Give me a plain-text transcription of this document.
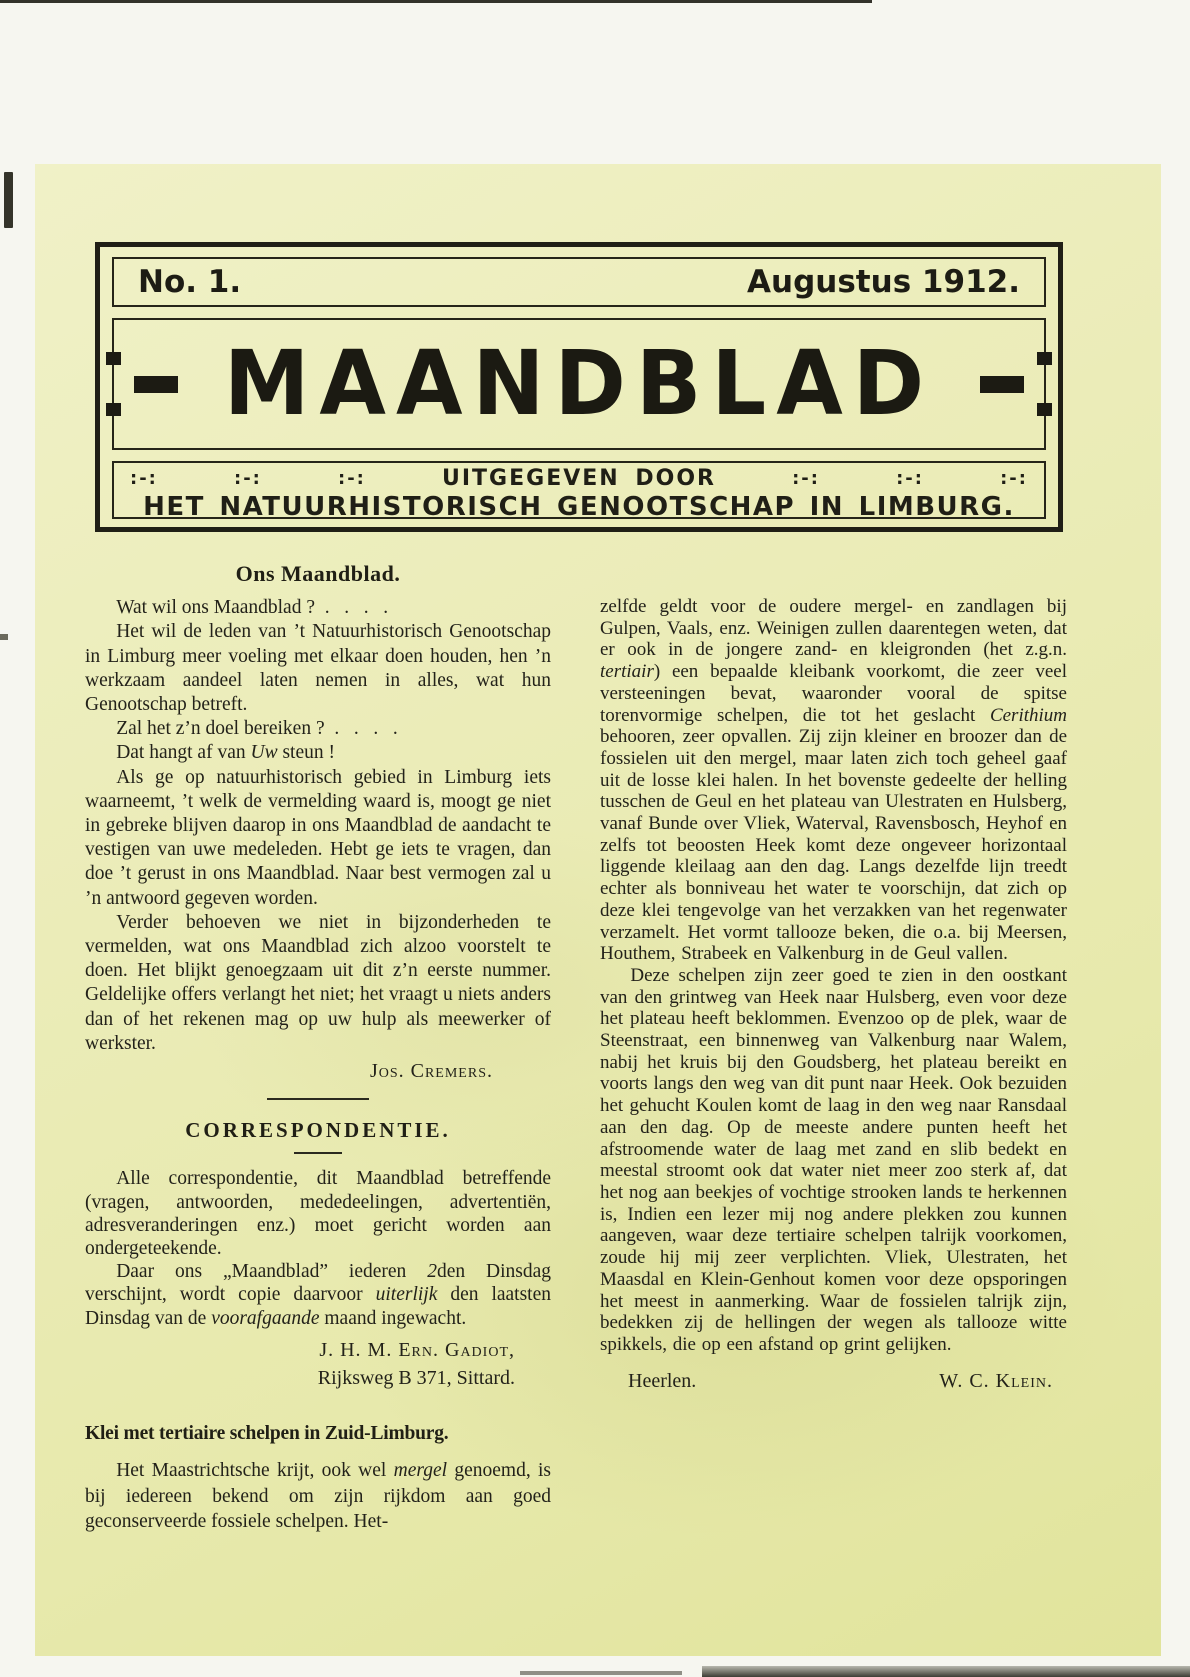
No. 1.	Augustus 1912.
MAANDBLAD
:-:	:-:	:-:	UITGEGEVEN DOOR	:-:	:-:	:-:
HET NATUURHISTORISCH GENOOTSCHAP IN LIMBURG.
Ons Maandblad.

Wat wil ons Maandblad ?  .   .   .   .

Het wil de leden van ’t Natuurhistorisch Genootschap in Limburg meer voeling met elkaar doen houden, hen ’n werkzaam aandeel laten nemen in alles, wat hun Genootschap betreft.

Zal het z’n doel bereiken ?  .   .   .   .

Dat hangt af van Uw steun !

Als ge op natuurhistorisch gebied in Limburg iets waarneemt, ’t welk de vermelding waard is, moogt ge niet in gebreke blijven daarop in ons Maandblad de aandacht te vestigen van uwe medeleden. Hebt ge iets te vragen, dan doe ’t gerust in ons Maandblad. Naar best vermogen zal u ’n antwoord gegeven worden.

Verder behoeven we niet in bijzonderheden te vermelden, wat ons Maandblad zich alzoo voorstelt te doen. Het blijkt genoegzaam uit dit z’n eerste nummer. Geldelijke offers verlangt het niet; het vraagt u niets anders dan of het rekenen mag op uw hulp als meewerker of werkster.

Jos. Cremers.
CORRESPONDENTIE.

Alle correspondentie, dit Maandblad betreffende (vragen, antwoorden, mededeelingen, advertentiën, adresveranderingen enz.) moet gericht worden aan ondergeteekende.

Daar ons „Maandblad” iederen 2den Dinsdag verschijnt, wordt copie daarvoor uiterlijk den laatsten Dinsdag van de voorafgaande maand ingewacht.

J. H. M. Ern. Gadiot,
Rijksweg B 371, Sittard.
Klei met tertiaire schelpen in Zuid-Limburg.

Het Maastrichtsche krijt, ook wel mergel genoemd, is bij iedereen bekend om zijn rijkdom aan goed geconserveerde fossiele schelpen. Het-

zelfde geldt voor de oudere mergel- en zandlagen bij Gulpen, Vaals, enz. Weinigen zullen daarentegen weten, dat er ook in de jongere zand- en kleigronden (het z.g.n. tertiair) een bepaalde kleibank voorkomt, die zeer veel versteeningen bevat, waaronder vooral de spitse torenvormige schelpen, die tot het geslacht Cerithium behooren, zeer opvallen. Zij zijn kleiner en broozer dan de fossielen uit den mergel, maar laten zich toch geheel gaaf uit de losse klei halen. In het bovenste gedeelte der helling tusschen de Geul en het plateau van Ulestraten en Hulsberg, vanaf Bunde over Vliek, Waterval, Ravensbosch, Heyhof en zelfs tot beoosten Heek komt deze ongeveer horizontaal liggende kleilaag aan den dag. Langs dezelfde lijn treedt echter als bonniveau het water te voorschijn, dat zich op deze klei tengevolge van het verzakken van het regenwater verzamelt. Het vormt tallooze beken, die o.a. bij Meersen, Houthem, Strabeek en Valkenburg in de Geul vallen.

Deze schelpen zijn zeer goed te zien in den oostkant van den grintweg van Heek naar Hulsberg, even voor deze het plateau heeft beklommen. Evenzoo op de plek, waar de Steenstraat, een binnenweg van Valkenburg naar Walem, nabij het kruis bij den Goudsberg, het plateau bereikt en voorts langs den weg van dit punt naar Heek. Ook bezuiden het gehucht Koulen komt de laag in den weg naar Ransdaal aan den dag. Op de meeste andere punten heeft het afstroomende water de laag met zand en slib bedekt en meestal stroomt ook dat water niet meer zoo sterk af, dat het nog aan beekjes of vochtige strooken lands te herkennen is, Indien een lezer mij nog andere plekken zou kunnen aangeven, waar deze tertiaire schelpen talrijk voorkomen, zoude hij mij zeer verplichten. Vliek, Ulestraten, het Maasdal en Klein-Genhout komen voor deze opsporingen het meest in aanmerking. Waar de fossielen talrijk zijn, bedekken zij de hellingen der wegen als tallooze witte spikkels, die op een afstand op grint gelijken.

Heerlen.	W. C. Klein.
